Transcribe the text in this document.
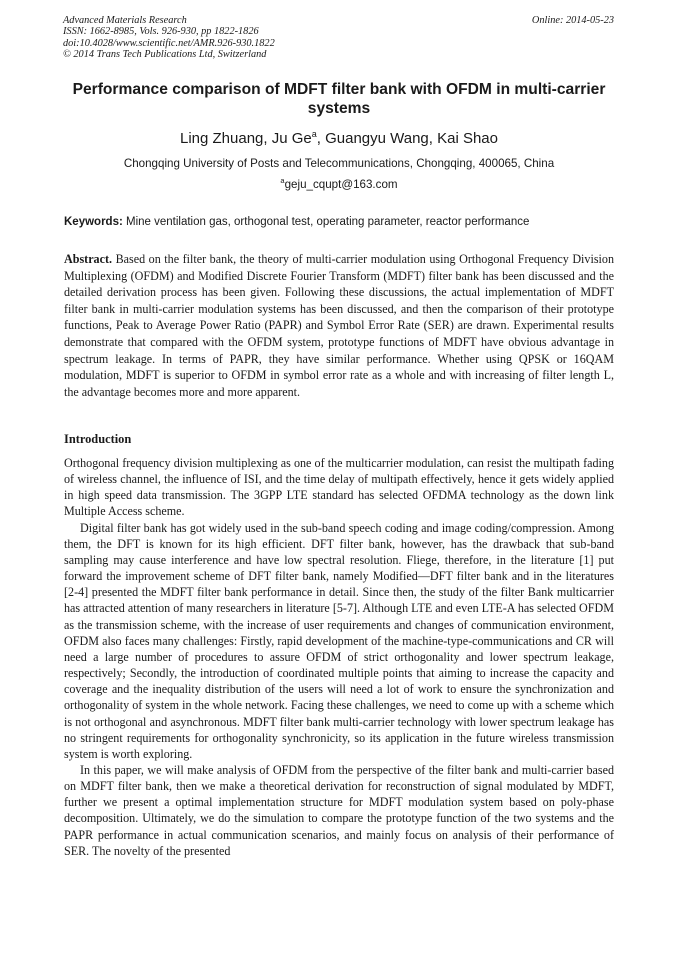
Advanced Materials Research
ISSN: 1662-8985, Vols. 926-930, pp 1822-1826
doi:10.4028/www.scientific.net/AMR.926-930.1822
© 2014 Trans Tech Publications Ltd, Switzerland
Online: 2014-05-23
Performance comparison of MDFT filter bank with OFDM in multi-carrier systems
Ling Zhuang, Ju Ge$^a$, Guangyu Wang, Kai Shao
Chongqing University of Posts and Telecommunications, Chongqing, 400065, China
$^a$geju_cqupt@163.com
Keywords: Mine ventilation gas, orthogonal test, operating parameter, reactor performance
Abstract. Based on the filter bank, the theory of multi-carrier modulation using Orthogonal Frequency Division Multiplexing (OFDM) and Modified Discrete Fourier Transform (MDFT) filter bank has been discussed and the detailed derivation process has been given. Following these discussions, the actual implementation of MDFT filter bank in multi-carrier modulation systems has been discussed, and then the comparison of their prototype functions, Peak to Average Power Ratio (PAPR) and Symbol Error Rate (SER) are drawn. Experimental results demonstrate that compared with the OFDM system, prototype functions of MDFT have obvious advantage in spectrum leakage. In terms of PAPR, they have similar performance. Whether using QPSK or 16QAM modulation, MDFT is superior to OFDM in symbol error rate as a whole and with increasing of filter length L, the advantage becomes more and more apparent.
Introduction

Orthogonal frequency division multiplexing as one of the multicarrier modulation, can resist the multipath fading of wireless channel, the influence of ISI, and the time delay of multipath effectively, hence it gets widely applied in high speed data transmission. The 3GPP LTE standard has selected OFDMA technology as the down link Multiple Access scheme.

Digital filter bank has got widely used in the sub-band speech coding and image coding/compression. Among them, the DFT is known for its high efficient. DFT filter bank, however, has the drawback that sub-band sampling may cause interference and have low spectral resolution. Fliege, therefore, in the literature [1] put forward the improvement scheme of DFT filter bank, namely Modified—DFT filter bank and in the literatures [2-4] presented the MDFT filter bank performance in detail. Since then, the study of the filter Bank multicarrier has attracted attention of many researchers in literature [5-7]. Although LTE and even LTE-A has selected OFDM as the transmission scheme, with the increase of user requirements and changes of communication environment, OFDM also faces many challenges: Firstly, rapid development of the machine-type-communications and CR will need a large number of procedures to assure OFDM of strict orthogonality and lower spectrum leakage, respectively; Secondly, the introduction of coordinated multiple points that aiming to increase the capacity and coverage and the inequality distribution of the users will need a lot of work to ensure the synchronization and orthogonality of system in the whole network. Facing these challenges, we need to come up with a scheme which is not orthogonal and asynchronous. MDFT filter bank multi-carrier technology with lower spectrum leakage has no stringent requirements for orthogonality synchronicity, so its application in the future wireless transmission system is worth exploring.

In this paper, we will make analysis of OFDM from the perspective of the filter bank and multi-carrier based on MDFT filter bank, then we make a theoretical derivation for reconstruction of signal modulated by MDFT, further we present a optimal implementation structure for MDFT modulation system based on poly-phase decomposition. Ultimately, we do the simulation to compare the prototype function of the two systems and the PAPR performance in actual communication scenarios, and mainly focus on analysis of their performance of SER. The novelty of the presented
